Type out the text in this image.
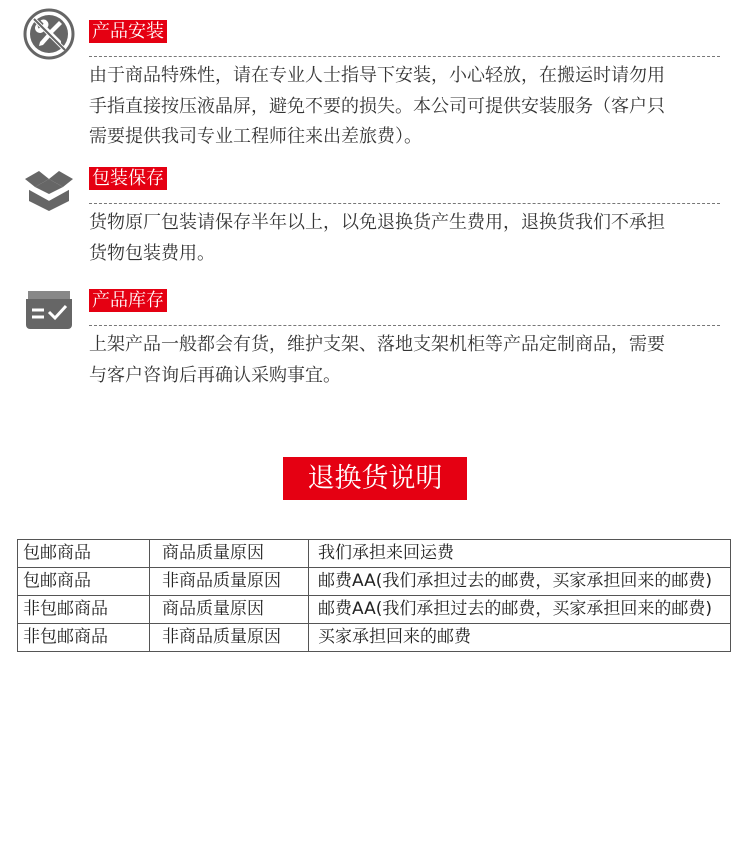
产品安装
由于商品特殊性，请在专业人士指导下安装，小心轻放，在搬运时请勿用
手指直接按压液晶屏，避免不要的损失。本公司可提供安装服务（客户只
需要提供我司专业工程师往来出差旅费）。
包装保存
货物原厂包装请保存半年以上，以免退换货产生费用，退换货我们不承担
货物包装费用。
产品库存
上架产品一般都会有货，维护支架、落地支架机柜等产品定制商品，需要
与客户咨询后再确认采购事宜。
退换货说明
包邮商品	商品质量原因	我们承担来回运费
包邮商品	非商品质量原因	邮费AA(我们承担过去的邮费，买家承担回来的邮费)
非包邮商品	商品质量原因	邮费AA(我们承担过去的邮费，买家承担回来的邮费)
非包邮商品	非商品质量原因	买家承担回来的邮费
